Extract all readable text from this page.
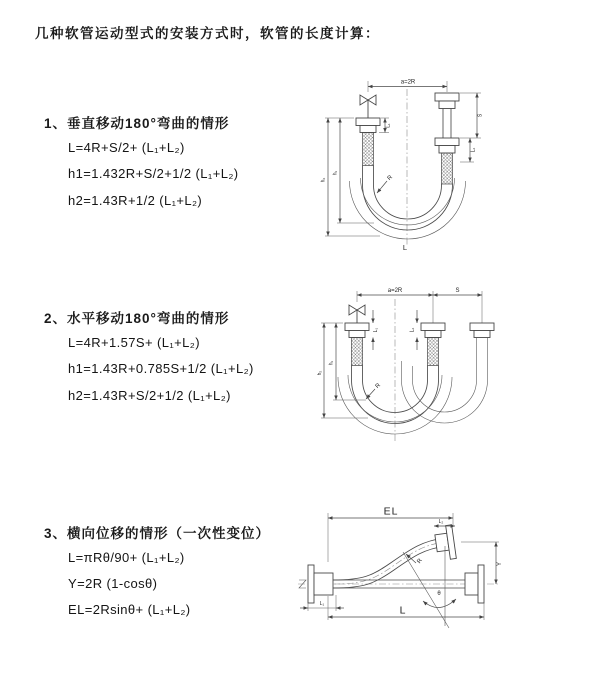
几种软管运动型式的安装方式时，软管的长度计算：
1、垂直移动180°弯曲的情形
L=4R+S/2+ (L₁+L₂)
h1=1.432R+S/2+1/2 (L₁+L₂)
h2=1.43R+1/2 (L₁+L₂)
2、水平移动180°弯曲的情形
L=4R+1.57S+ (L₁+L₂)
h1=1.43R+0.785S+1/2 (L₁+L₂)
h2=1.43R+S/2+1/2 (L₁+L₂)
3、横向位移的情形（一次性变位）
L=πRθ/90+ (L₁+L₂)
Y=2R (1-cosθ)
EL=2Rsinθ+ (L₁+L₂)
a=2R
h₂
h₁
L₁
S
L₂
R
L
a=2R	S
h₂
h₁
L₁	L₂
R
EL
L₂
Y
θ
R
L₁
L
